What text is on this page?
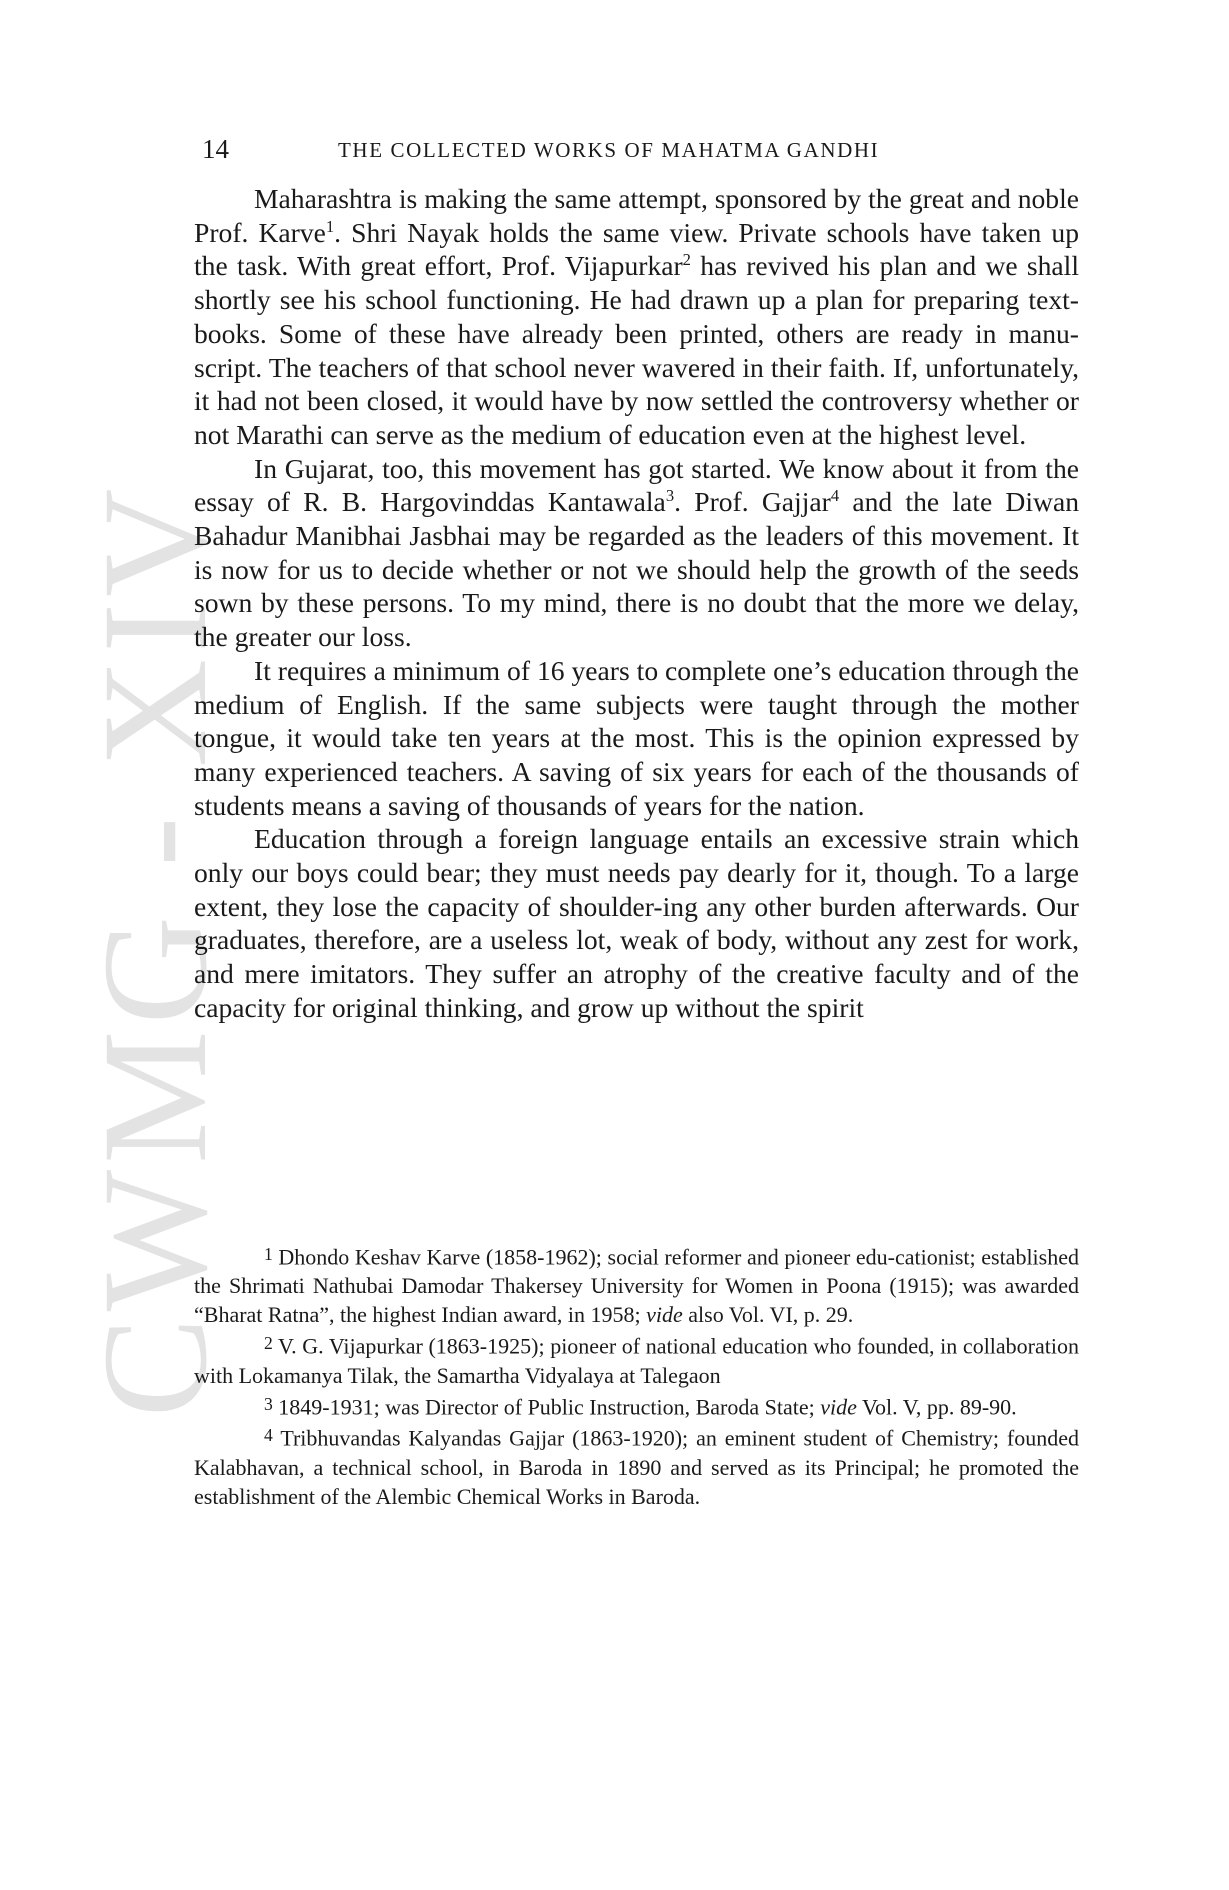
CWMG - XIV
14	THE COLLECTED WORKS OF MAHATMA GANDHI

Maharashtra is making the same attempt, sponsored by the great and noble Prof. Karve$^1$. Shri Nayak holds the same view. Private schools have taken up the task. With great effort, Prof. Vijapurkar$^2$ has revived his plan and we shall shortly see his school functioning. He had drawn up a plan for preparing text-books. Some of these have already been printed, others are ready in manu-script. The teachers of that school never wavered in their faith. If, unfortunately, it had not been closed, it would have by now settled the controversy whether or not Marathi can serve as the medium of education even at the highest level.

In Gujarat, too, this movement has got started. We know about it from the essay of R. B. Hargovinddas Kantawala$^3$. Prof. Gajjar$^4$ and the late Diwan Bahadur Manibhai Jasbhai may be regarded as the leaders of this movement. It is now for us to decide whether or not we should help the growth of the seeds sown by these persons. To my mind, there is no doubt that the more we delay, the greater our loss.

It requires a minimum of 16 years to complete one’s education through the medium of English. If the same subjects were taught through the mother tongue, it would take ten years at the most. This is the opinion expressed by many experienced teachers. A saving of six years for each of the thousands of students means a saving of thousands of years for the nation.

Education through a foreign language entails an excessive strain which only our boys could bear; they must needs pay dearly for it, though. To a large extent, they lose the capacity of shoulder-ing any other burden afterwards. Our graduates, therefore, are a useless lot, weak of body, without any zest for work, and mere imitators. They suffer an atrophy of the creative faculty and of the capacity for original thinking, and grow up without the spirit

$^1$ Dhondo Keshav Karve (1858-1962); social reformer and pioneer edu-cationist; established the Shrimati Nathubai Damodar Thakersey University for Women in Poona (1915); was awarded “Bharat Ratna”, the highest Indian award, in 1958; vide also Vol. VI, p. 29.

$^2$ V. G. Vijapurkar (1863-1925); pioneer of national education who founded, in collaboration with Lokamanya Tilak, the Samartha Vidyalaya at Talegaon

$^3$ 1849-1931; was Director of Public Instruction, Baroda State; vide Vol. V, pp. 89-90.

$^4$ Tribhuvandas Kalyandas Gajjar (1863-1920); an eminent student of Chemistry; founded Kalabhavan, a technical school, in Baroda in 1890 and served as its Principal; he promoted the establishment of the Alembic Chemical Works in Baroda.
